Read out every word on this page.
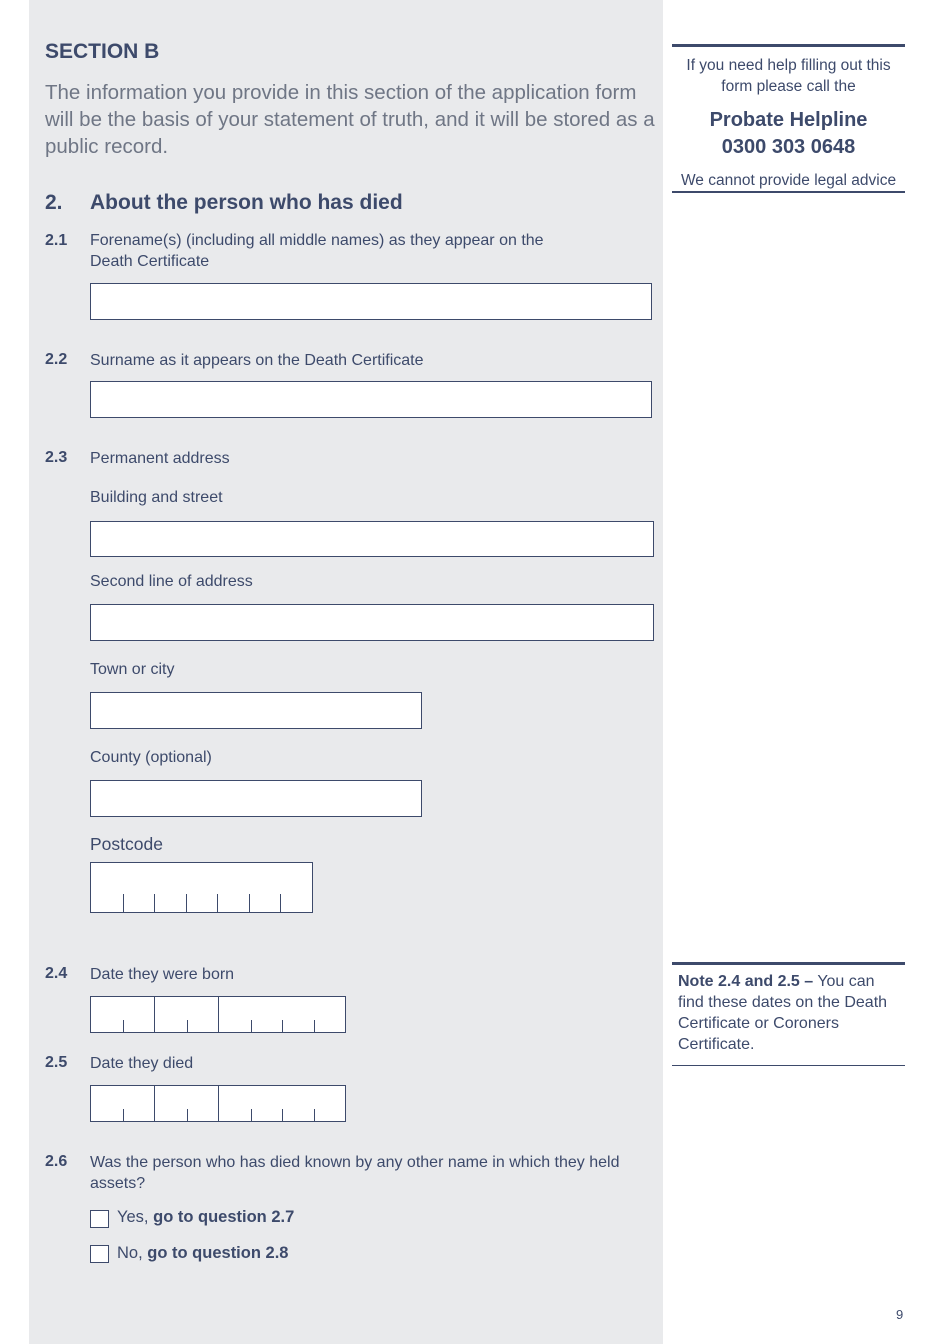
SECTION B
The information you provide in this section of the application form will be the basis of your statement of truth, and it will be stored as a public record.
2. About the person who has died
2.1 Forename(s) (including all middle names) as they appear on the Death Certificate
2.2 Surname as it appears on the Death Certificate
2.3 Permanent address
Building and street
Second line of address
Town or city
County (optional)
Postcode
2.4 Date they were born
2.5 Date they died
2.6 Was the person who has died known by any other name in which they held assets?
Yes, go to question 2.7
No, go to question 2.8
If you need help filling out this form please call the
Probate Helpline
0300 303 0648
We cannot provide legal advice
Note 2.4 and 2.5 – You can find these dates on the Death Certificate or Coroners Certificate.
9
